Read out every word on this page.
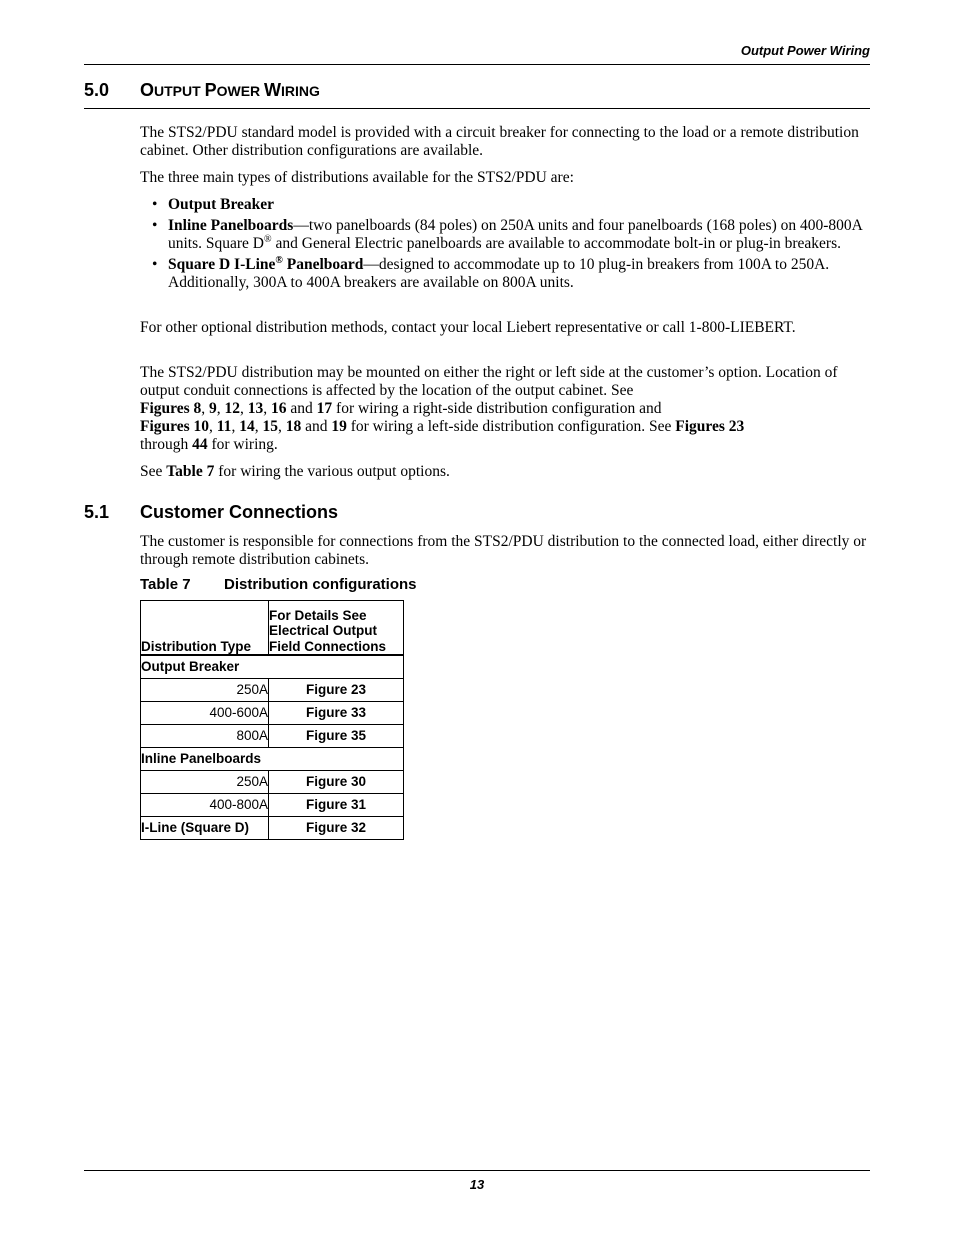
Output Power Wiring
5.0 OUTPUT POWER WIRING

The STS2/PDU standard model is provided with a circuit breaker for connecting to the load or a remote distribution cabinet. Other distribution configurations are available.

The three main types of distributions available for the STS2/PDU are:

• Output Breaker
• Inline Panelboards—two panelboards (84 poles) on 250A units and four panelboards (168 poles) on 400-800A units. Square D® and General Electric panelboards are available to accommodate bolt-in or plug-in breakers.
• Square D I-Line® Panelboard—designed to accommodate up to 10 plug-in breakers from 100A to 250A. Additionally, 300A to 400A breakers are available on 800A units.

For other optional distribution methods, contact your local Liebert representative or call 1-800-LIEBERT.

The STS2/PDU distribution may be mounted on either the right or left side at the customer’s option. Location of output conduit connections is affected by the location of the output cabinet. See
Figures 8, 9, 12, 13, 16 and 17 for wiring a right-side distribution configuration and
Figures 10, 11, 14, 15, 18 and 19 for wiring a left-side distribution configuration. See Figures 23
through 44 for wiring.

See Table 7 for wiring the various output options.

5.1 Customer Connections

The customer is responsible for connections from the STS2/PDU distribution to the connected load, either directly or through remote distribution cabinets.

Table 7 Distribution configurations
Distribution Type	For Details See Electrical Output Field Connections
Output Breaker	
250A	Figure 23
400-600A	Figure 33
800A	Figure 35
Inline Panelboards	
250A	Figure 30
400-800A	Figure 31
I-Line (Square D)	Figure 32
13
